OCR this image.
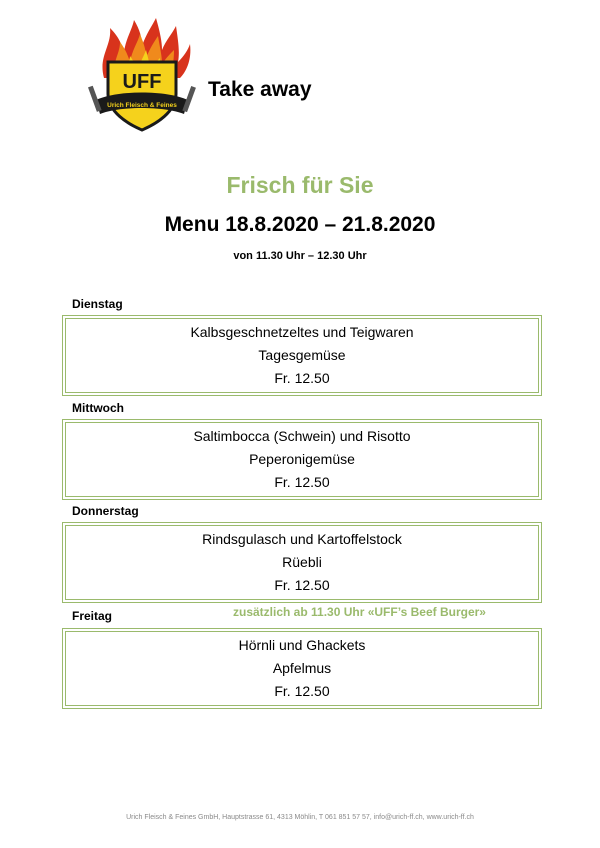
UFF
Urich Fleisch & Feines
Take away
Frisch für Sie
Menu 18.8.2020 – 21.8.2020
von 11.30 Uhr – 12.30 Uhr
Dienstag
Kalbsgeschnetzeltes und Teigwaren
Tagesgemüse
Fr. 12.50
Mittwoch
Saltimbocca (Schwein) und Risotto
Peperonigemüse
Fr. 12.50
Donnerstag
Rindsgulasch und Kartoffelstock
Rüebli
Fr. 12.50
Freitag	zusätzlich ab 11.30 Uhr «UFF’s Beef Burger»
Hörnli und Ghackets
Apfelmus
Fr. 12.50
Urich Fleisch & Feines GmbH, Hauptstrasse 61, 4313 Möhlin, T 061 851 57 57, info@urich-ff.ch, www.urich-ff.ch
